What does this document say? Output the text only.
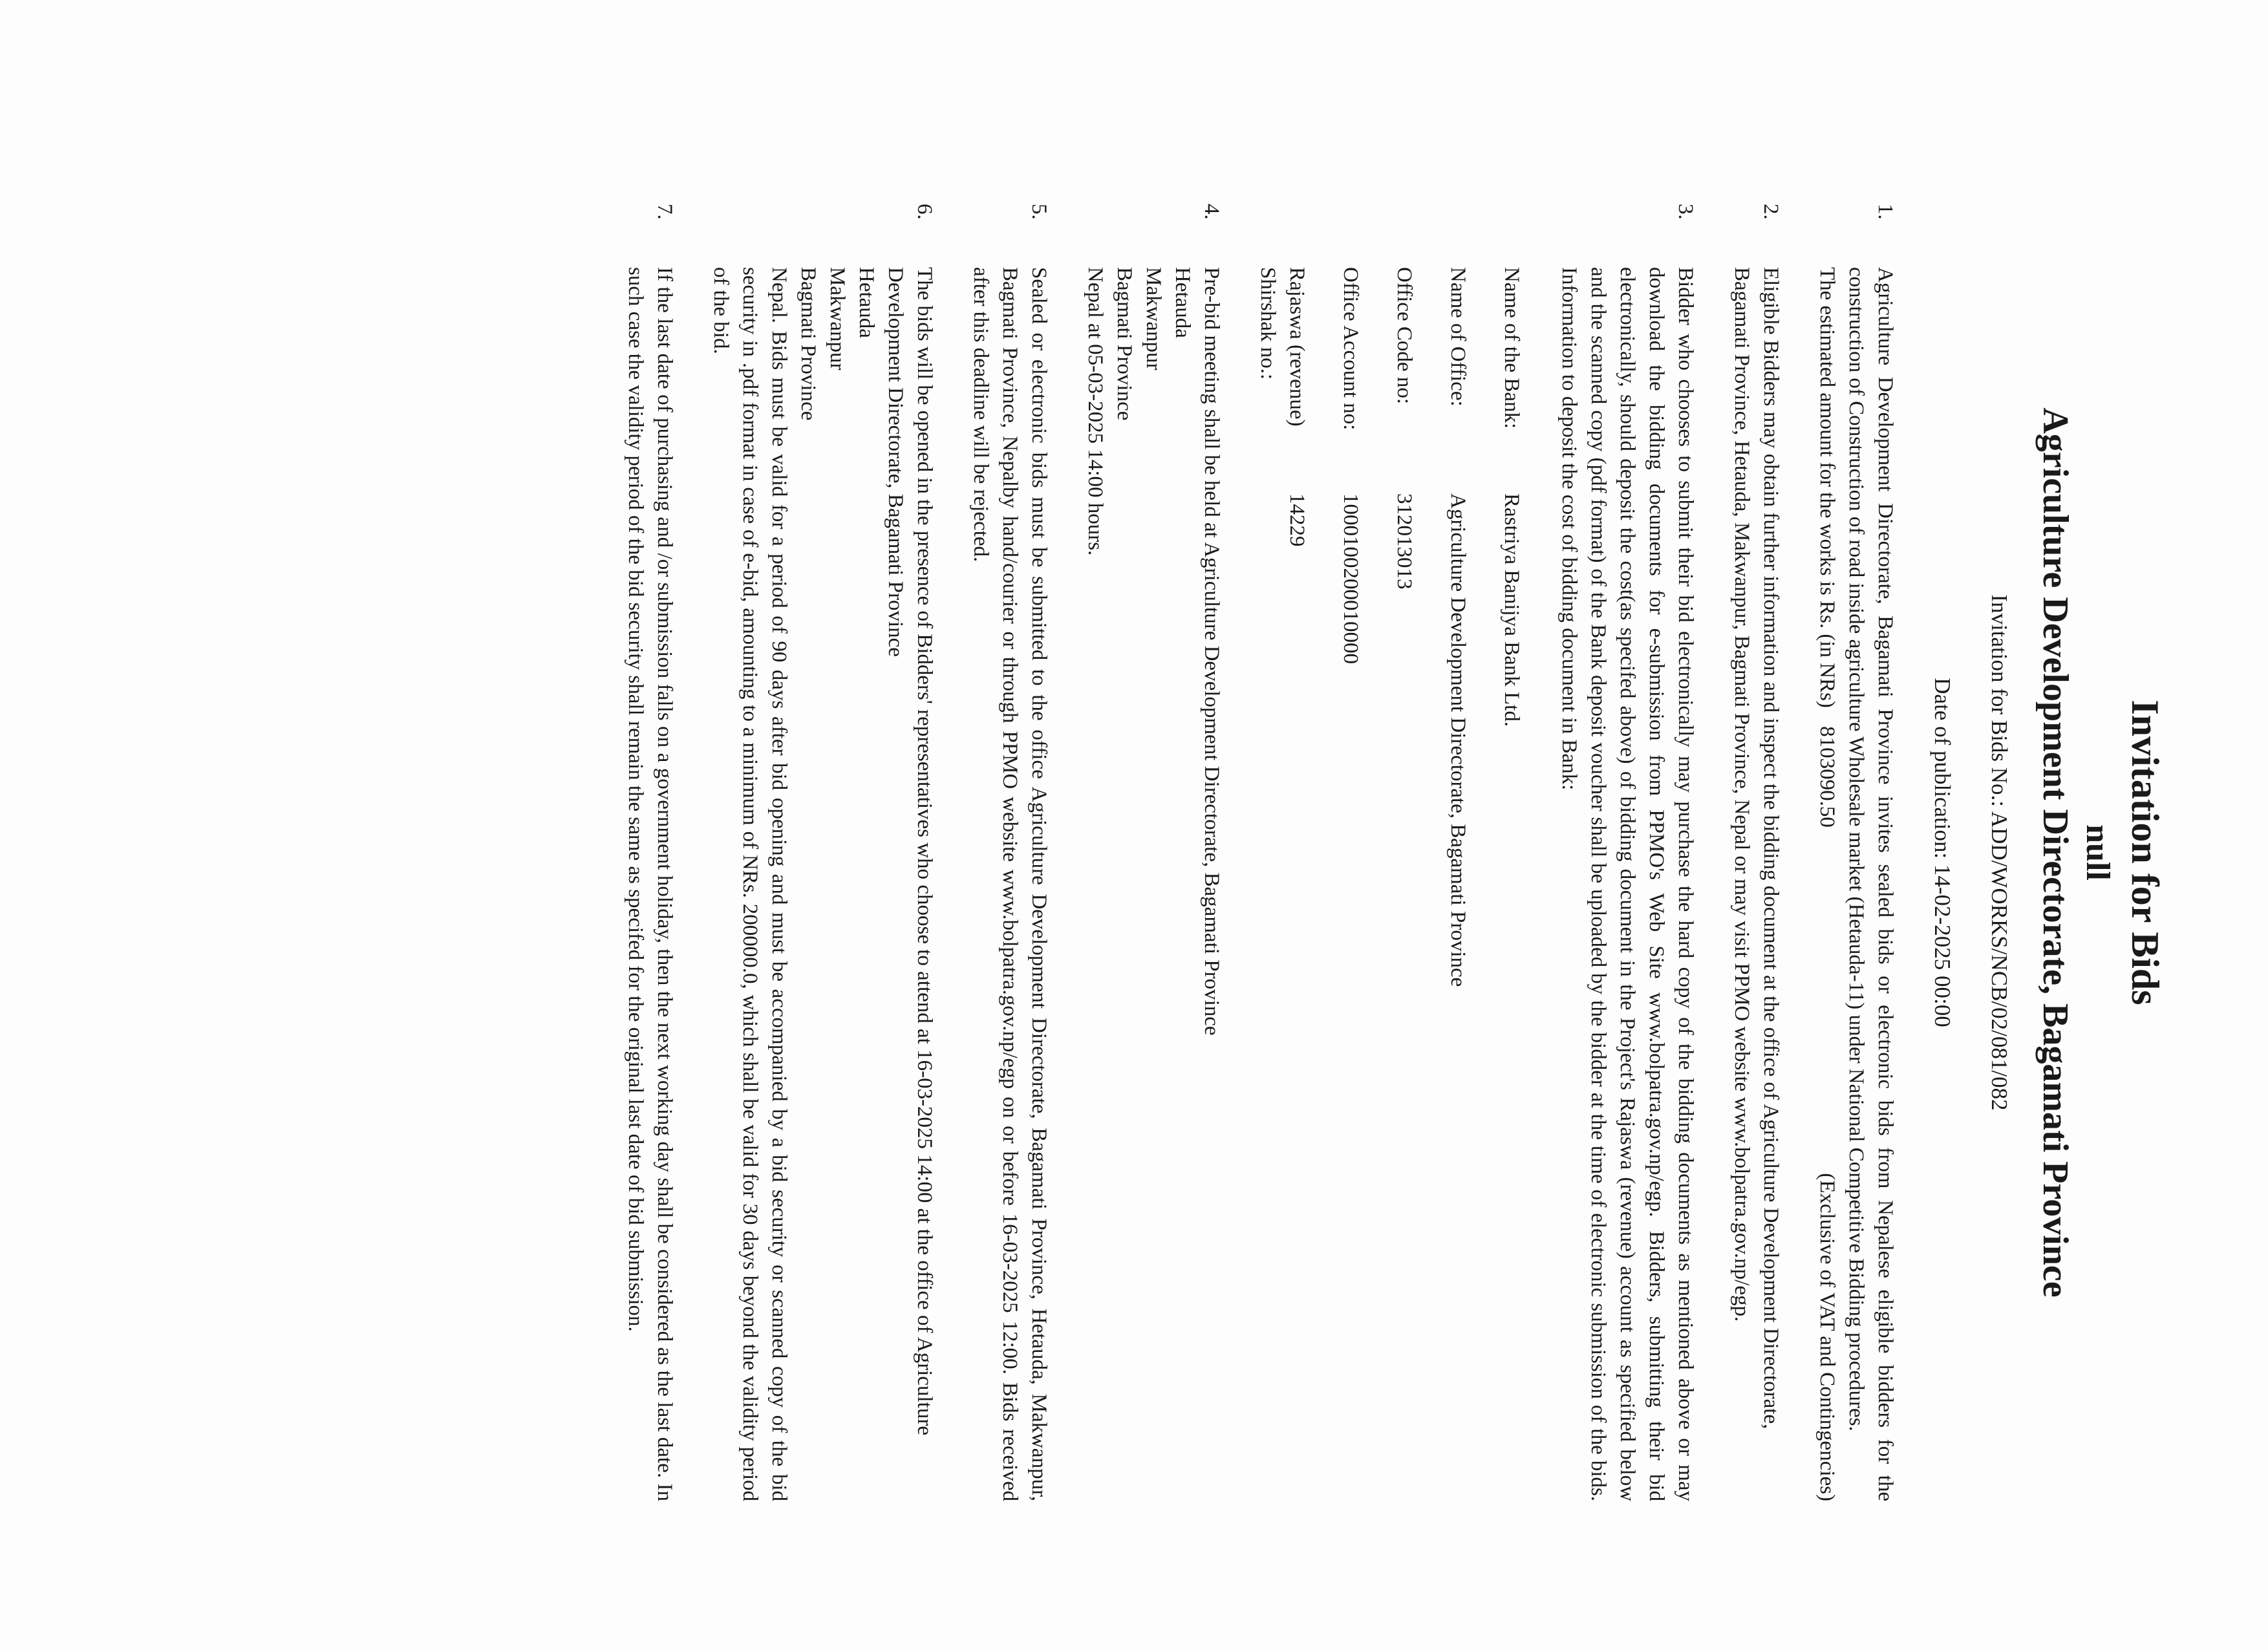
Invitation for Bids
null
Agriculture Development Directorate, Bagamati Province
Invitation for Bids No.: ADD/WORKS/NCB/02/081/082
Date of publication: 14-02-2025 00:00
1.
Agriculture Development Directorate, Bagamati Province invites sealed bids or electronic bids from Nepalese eligible bidders for the construction of Construction of road inside agriculture Wholesale market (Hetauda-11) under National Competitive Bidding procedures.
The estimated amount for the works is Rs. (in NRs) 8103090.50
(Exclusive of VAT and Contingencies)
2.
Eligible Bidders may obtain further information and inspect the bidding document at the office of Agriculture Development Directorate, Bagamati Province, Hetauda, Makwanpur, Bagmati Province, Nepal or may visit PPMO website www.bolpatra.gov.np/egp.
3.
Bidder who chooses to submit their bid electronically may purchase the hard copy of the bidding documents as mentioned above or may download the bidding documents for e-submission from PPMO's Web Site www.bolpatra.gov.np/egp. Bidders, submitting their bid electronically, should deposit the cost(as specifed above) of bidding document in the Project's Rajaswa (revenue) account as specified below and the scanned copy (pdf format) of the Bank deposit voucher shall be uploaded by the bidder at the time of electronic submission of the bids. Information to deposit the cost of bidding document in Bank:
Name of the Bank:
Rastriya Banijya Bank Ltd.
Name of Office:
Agriculture Development Directorate, Bagamati Province
Office Code no:
312013013
Office Account no:
1000100200010000
Rajaswa (revenue) Shirshak no.:
14229
4.
Pre-bid meeting shall be held at Agriculture Development Directorate, Bagamati Province
Hetauda
Makwanpur
Bagmati Province
Nepal at 05-03-2025 14:00 hours.
5.
Sealed or electronic bids must be submitted to the office Agriculture Development Directorate, Bagamati Province, Hetauda, Makwanpur, Bagmati Province, Nepalby hand/courier or through PPMO website www.bolpatra.gov.np/egp on or before 16-03-2025 12:00. Bids received after this deadline will be rejected.
6.
The bids will be opened in the presence of Bidders' representatives who choose to attend at 16-03-2025 14:00 at the office of Agriculture Development Directorate, Bagamati Province
Hetauda
Makwanpur
Bagmati Province
Nepal. Bids must be valid for a period of 90 days after bid opening and must be accompanied by a bid security or scanned copy of the bid security in .pdf format in case of e-bid, amounting to a minimum of NRs. 200000.0, which shall be valid for 30 days beyond the validity period of the bid.
7.
If the last date of purchasing and /or submission falls on a government holiday, then the next working day shall be considered as the last date. In such case the validity period of the bid security shall remain the same as specifed for the original last date of bid submission.
